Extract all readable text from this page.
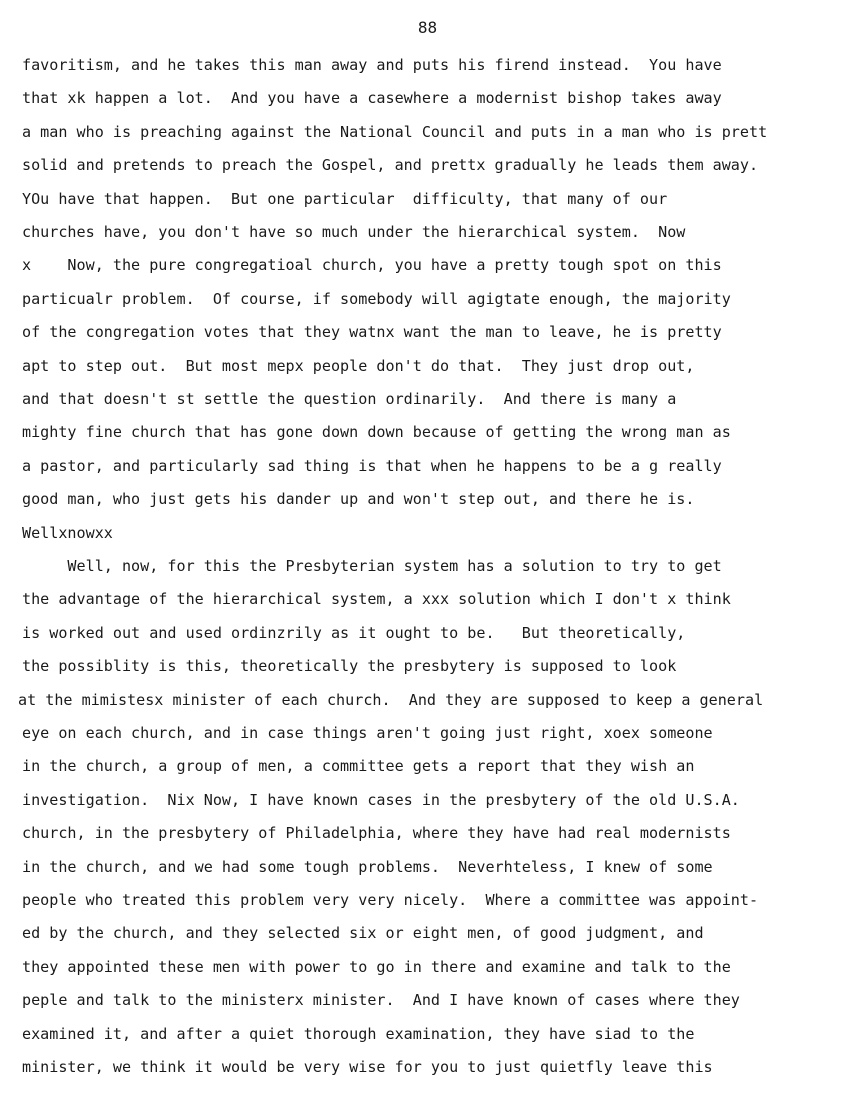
88
favoritism, and he takes this man away and puts his firend instead.  You have
that xk happen a lot.  And you have a casewhere a modernist bishop takes away
a man who is preaching against the National Council and puts in a man who is prett
solid and pretends to preach the Gospel, and prettx gradually he leads them away.
YOu have that happen.  But one particular  difficulty, that many of our
churches have, you don't have so much under the hierarchical system.  Now
x    Now, the pure congregatioal church, you have a pretty tough spot on this
particualr problem.  Of course, if somebody will agigtate enough, the majority
of the congregation votes that they watnx want the man to leave, he is pretty
apt to step out.  But most mepx people don't do that.  They just drop out,
and that doesn't st settle the question ordinarily.  And there is many a
mighty fine church that has gone down down because of getting the wrong man as
a pastor, and particularly sad thing is that when he happens to be a g really
good man, who just gets his dander up and won't step out, and there he is.
Wellxnowxx
Well, now, for this the Presbyterian system has a solution to try to get
the advantage of the hierarchical system, a xxx solution which I don't x think
is worked out and used ordinzrily as it ought to be.   But theoretically,
the possiblity is this, theoretically the presbytery is supposed to look
at the mimistesx minister of each church.  And they are supposed to keep a general
eye on each church, and in case things aren't going just right, xoex someone
in the church, a group of men, a committee gets a report that they wish an
investigation.  Nix Now, I have known cases in the presbytery of the old U.S.A.
church, in the presbytery of Philadelphia, where they have had real modernists
in the church, and we had some tough problems.  Neverhteless, I knew of some
people who treated this problem very very nicely.  Where a committee was appoint-
ed by the church, and they selected six or eight men, of good judgment, and
they appointed these men with power to go in there and examine and talk to the
peple and talk to the ministerx minister.  And I have known of cases where they
examined it, and after a quiet thorough examination, they have siad to the
minister, we think it would be very wise for you to just quietfly leave this
